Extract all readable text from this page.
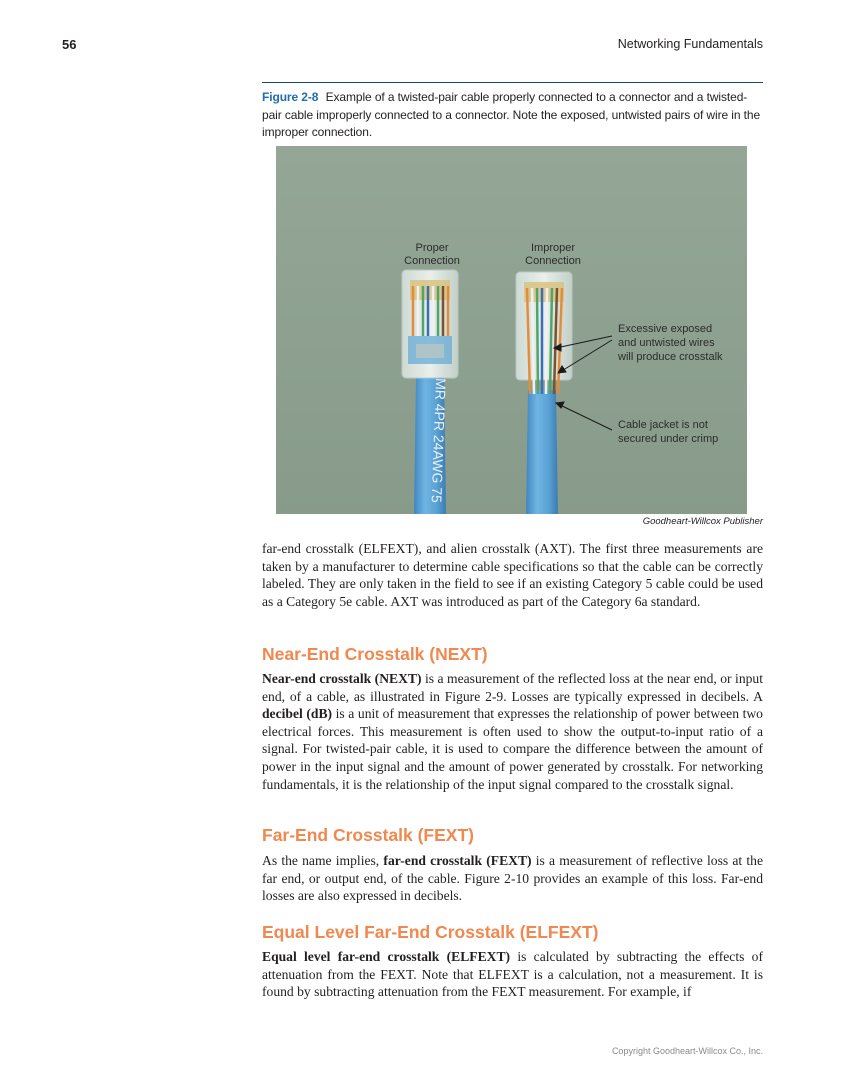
56	Networking Fundamentals
Figure 2-8 Example of a twisted-pair cable properly connected to a connector and a twisted-pair cable improperly connected to a connector. Note the exposed, untwisted pairs of wire in the improper connection.
MR 4PR 24AWG 75
Proper
Connection
Improper
Connection
Excessive exposed
and untwisted wires
will produce crosstalk
Cable jacket is not
secured under crimp
Goodheart-Willcox Publisher

far-end crosstalk (ELFEXT), and alien crosstalk (AXT). The first three measurements are taken by a manufacturer to determine cable specifications so that the cable can be correctly labeled. They are only taken in the field to see if an existing Category 5 cable could be used as a Category 5e cable. AXT was introduced as part of the Category 6a standard.

Near-End Crosstalk (NEXT)

Near-end crosstalk (NEXT) is a measurement of the reflected loss at the near end, or input end, of a cable, as illustrated in Figure 2-9. Losses are typically expressed in decibels. A decibel (dB) is a unit of measurement that expresses the relationship of power between two electrical forces. This measurement is often used to show the output-to-input ratio of a signal. For twisted-pair cable, it is used to compare the difference between the amount of power in the input signal and the amount of power generated by crosstalk. For networking fundamentals, it is the relationship of the input signal compared to the crosstalk signal.

Far-End Crosstalk (FEXT)

As the name implies, far-end crosstalk (FEXT) is a measurement of reflective loss at the far end, or output end, of the cable. Figure 2-10 provides an example of this loss. Far-end losses are also expressed in decibels.

Equal Level Far-End Crosstalk (ELFEXT)

Equal level far-end crosstalk (ELFEXT) is calculated by subtracting the effects of attenuation from the FEXT. Note that ELFEXT is a calculation, not a measurement. It is found by subtracting attenuation from the FEXT measurement. For example, if

Copyright Goodheart-Willcox Co., Inc.
